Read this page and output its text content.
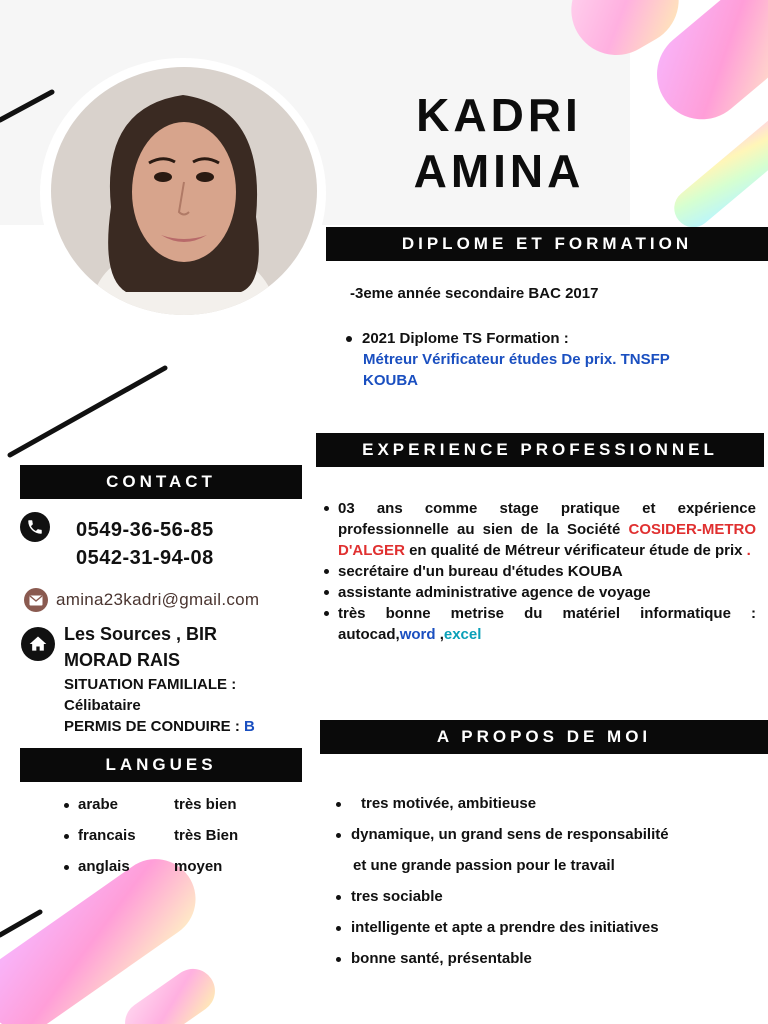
KADRI
AMINA
DIPLOME ET FORMATION
-3eme année secondaire BAC 2017
2021 Diplome TS Formation :
Métreur Vérificateur études De prix. TNSFP
KOUBA
EXPERIENCE PROFESSIONNEL
03 ans comme stage pratique et expérience professionnelle au sien de la Société COSIDER-METRO D'ALGER en qualité de Métreur vérificateur étude de prix .
secrétaire d'un bureau d'études KOUBA
assistante administrative agence de voyage
très bonne metrise du matériel informatique : autocad,word ,excel
CONTACT
0549-36-56-85
0542-31-94-08
amina23kadri@gmail.com
Les Sources , BIR
MORAD RAIS
SITUATION FAMILIALE :
Célibataire
PERMIS DE CONDUIRE : B
LANGUES
arabe	très bien
francais	très Bien
anglais	moyen
A PROPOS DE MOI
tres motivée, ambitieuse
dynamique, un grand sens de responsabilité
et une grande passion pour le travail
tres sociable
intelligente et apte a prendre des initiatives
bonne santé, présentable
